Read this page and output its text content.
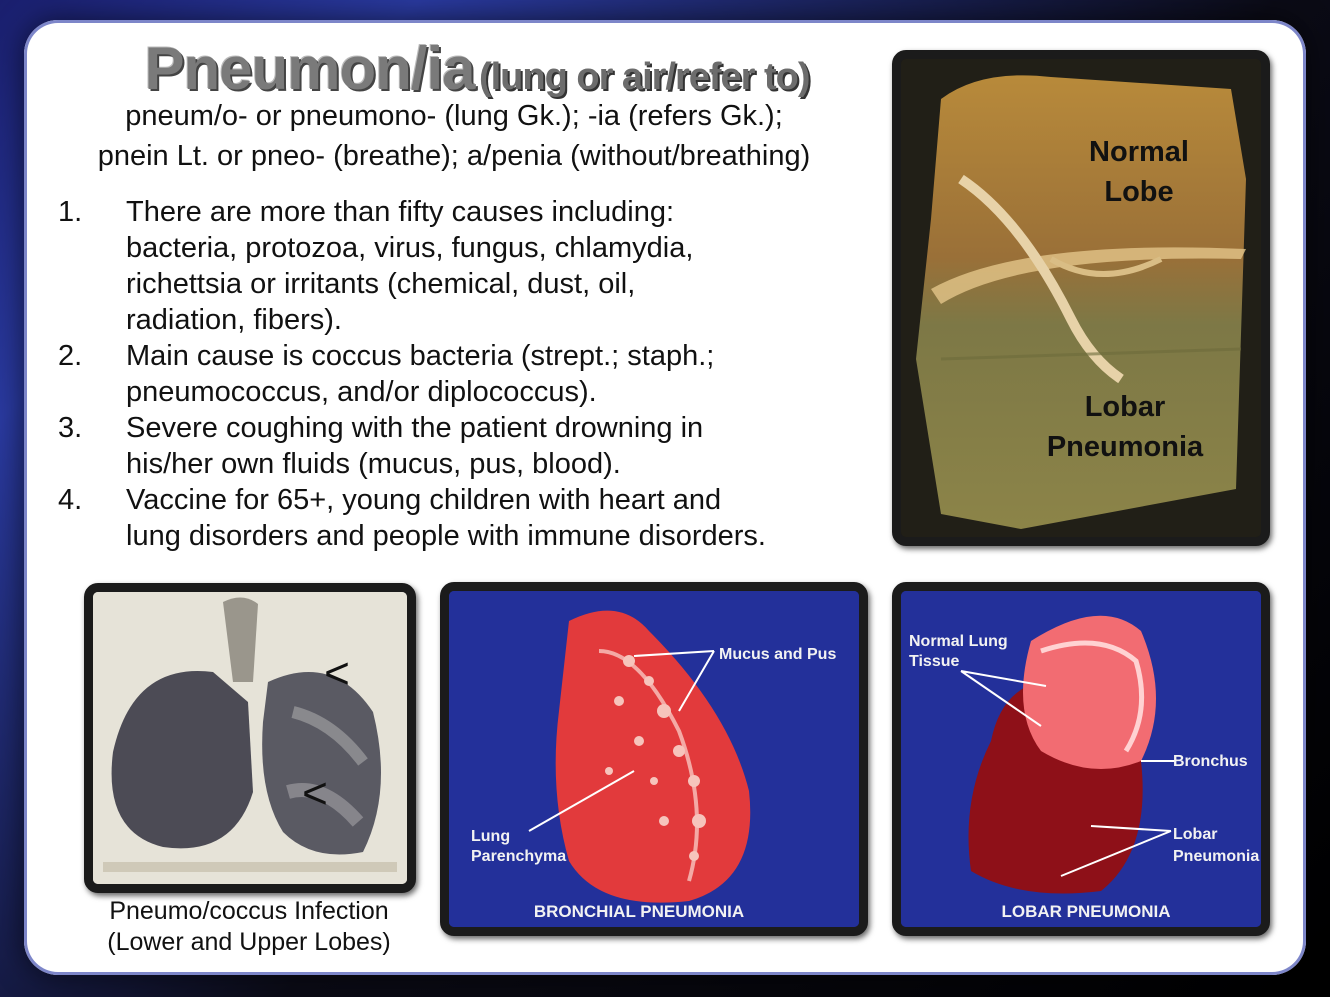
Pneumon/ia (lung or air/refer to)
pneum/o- or pneumono- (lung Gk.); -ia (refers Gk.);
pnein Lt. or pneo- (breathe); a/penia (without/breathing)
1. There are more than fifty causes including:
bacteria, protozoa, virus, fungus, chlamydia,
richettsia or irritants (chemical, dust, oil,
radiation, fibers).
2. Main cause is coccus bacteria (strept.; staph.;
pneumococcus, and/or diplococcus).
3. Severe coughing with the patient drowning in
his/her own fluids (mucus, pus, blood).
4. Vaccine for 65+, young children with heart and
lung disorders and people with immune disorders.
Normal
Lobe
Lobar
Pneumonia
<
<
Pneumo/coccus Infection
(Lower and Upper Lobes)
Mucus and Pus
Lung
Parenchyma
BRONCHIAL PNEUMONIA
Normal Lung
Tissue
Bronchus
Lobar
Pneumonia
LOBAR PNEUMONIA
